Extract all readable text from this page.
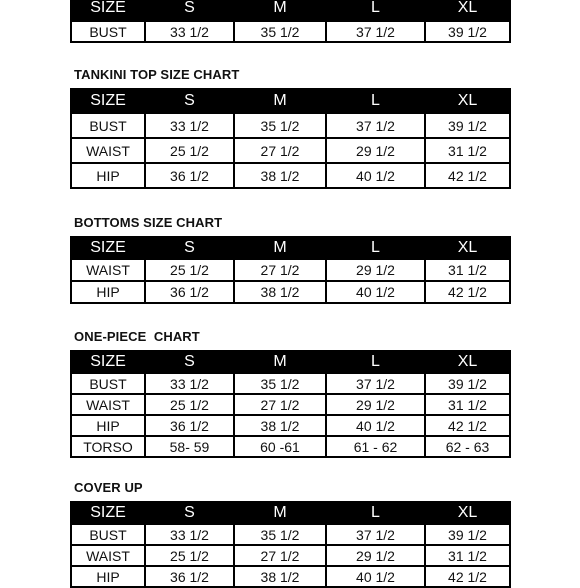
SIZE	S	M	L	XL
BUST	33 1/2	35 1/2	37 1/2	39 1/2
TANKINI TOP SIZE CHART
SIZE	S	M	L	XL
BUST	33 1/2	35 1/2	37 1/2	39 1/2
WAIST	25 1/2	27 1/2	29 1/2	31 1/2
HIP	36 1/2	38 1/2	40 1/2	42 1/2
BOTTOMS SIZE CHART
SIZE	S	M	L	XL
WAIST	25 1/2	27 1/2	29 1/2	31 1/2
HIP	36 1/2	38 1/2	40 1/2	42 1/2
ONE-PIECE  CHART
SIZE	S	M	L	XL
BUST	33 1/2	35 1/2	37 1/2	39 1/2
WAIST	25 1/2	27 1/2	29 1/2	31 1/2
HIP	36 1/2	38 1/2	40 1/2	42 1/2
TORSO	58- 59	60 -61	61 - 62	62 - 63
COVER UP
SIZE	S	M	L	XL
BUST	33 1/2	35 1/2	37 1/2	39 1/2
WAIST	25 1/2	27 1/2	29 1/2	31 1/2
HIP	36 1/2	38 1/2	40 1/2	42 1/2
